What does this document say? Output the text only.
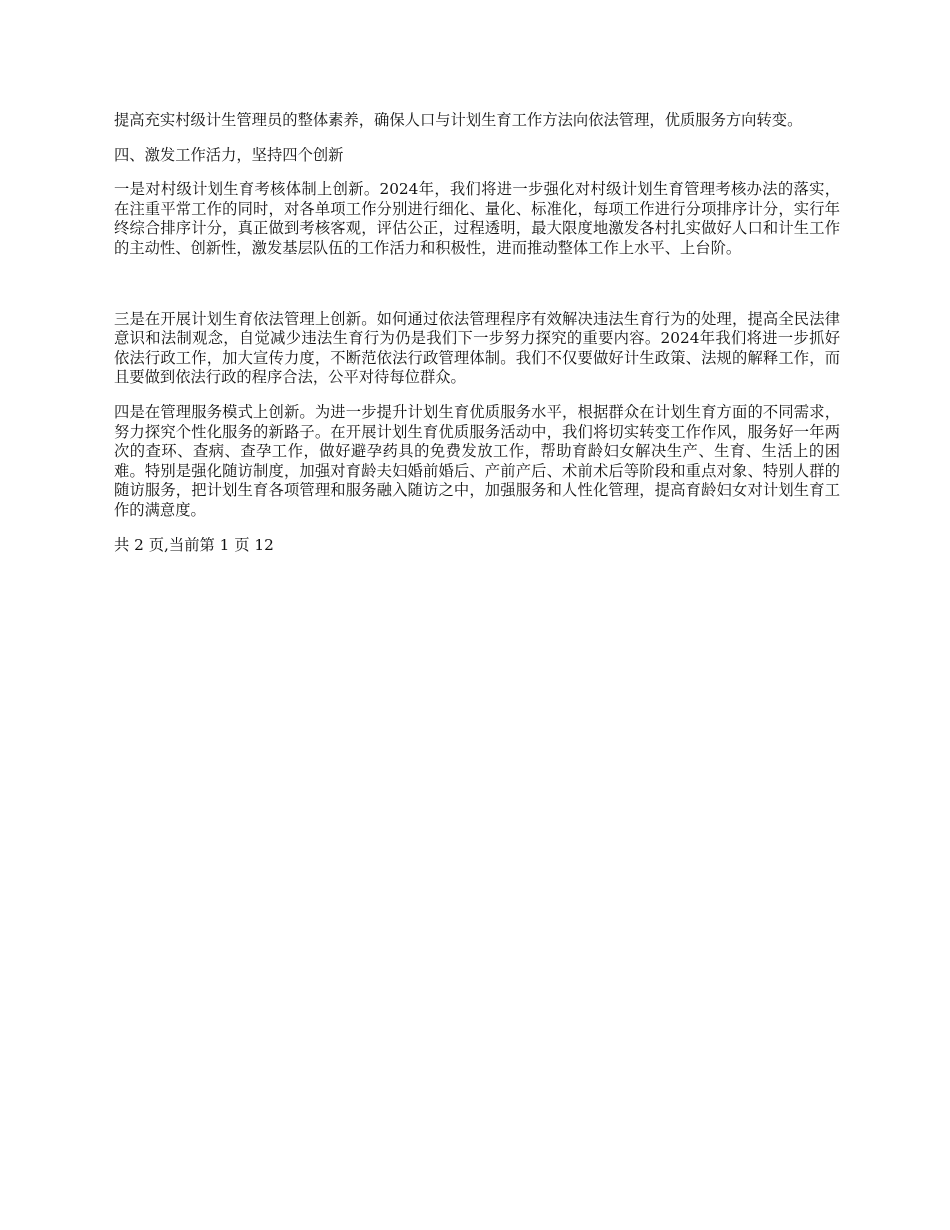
提高充实村级计生管理员的整体素养，确保人口与计划生育工作方法向依法管理，优质服务方向转变。

四、激发工作活力，坚持四个创新

一是对村级计划生育考核体制上创新。2024年，我们将进一步强化对村级计划生育管理考核办法的落实，在注重平常工作的同时，对各单项工作分别进行细化、量化、标准化，每项工作进行分项排序计分，实行年终综合排序计分，真正做到考核客观，评估公正，过程透明，最大限度地激发各村扎实做好人口和计生工作的主动性、创新性，激发基层队伍的工作活力和积极性，进而推动整体工作上水平、上台阶。

三是在开展计划生育依法管理上创新。如何通过依法管理程序有效解决违法生育行为的处理，提高全民法律意识和法制观念，自觉减少违法生育行为仍是我们下一步努力探究的重要内容。2024年我们将进一步抓好依法行政工作，加大宣传力度，不断范依法行政管理体制。我们不仅要做好计生政策、法规的解释工作，而且要做到依法行政的程序合法，公平对待每位群众。

四是在管理服务模式上创新。为进一步提升计划生育优质服务水平，根据群众在计划生育方面的不同需求，努力探究个性化服务的新路子。在开展计划生育优质服务活动中，我们将切实转变工作作风，服务好一年两次的查环、查病、查孕工作，做好避孕药具的免费发放工作，帮助育龄妇女解决生产、生育、生活上的困难。特别是强化随访制度，加强对育龄夫妇婚前婚后、产前产后、术前术后等阶段和重点对象、特别人群的随访服务，把计划生育各项管理和服务融入随访之中，加强服务和人性化管理，提高育龄妇女对计划生育工作的满意度。

共 2 页,当前第 1 页 12
